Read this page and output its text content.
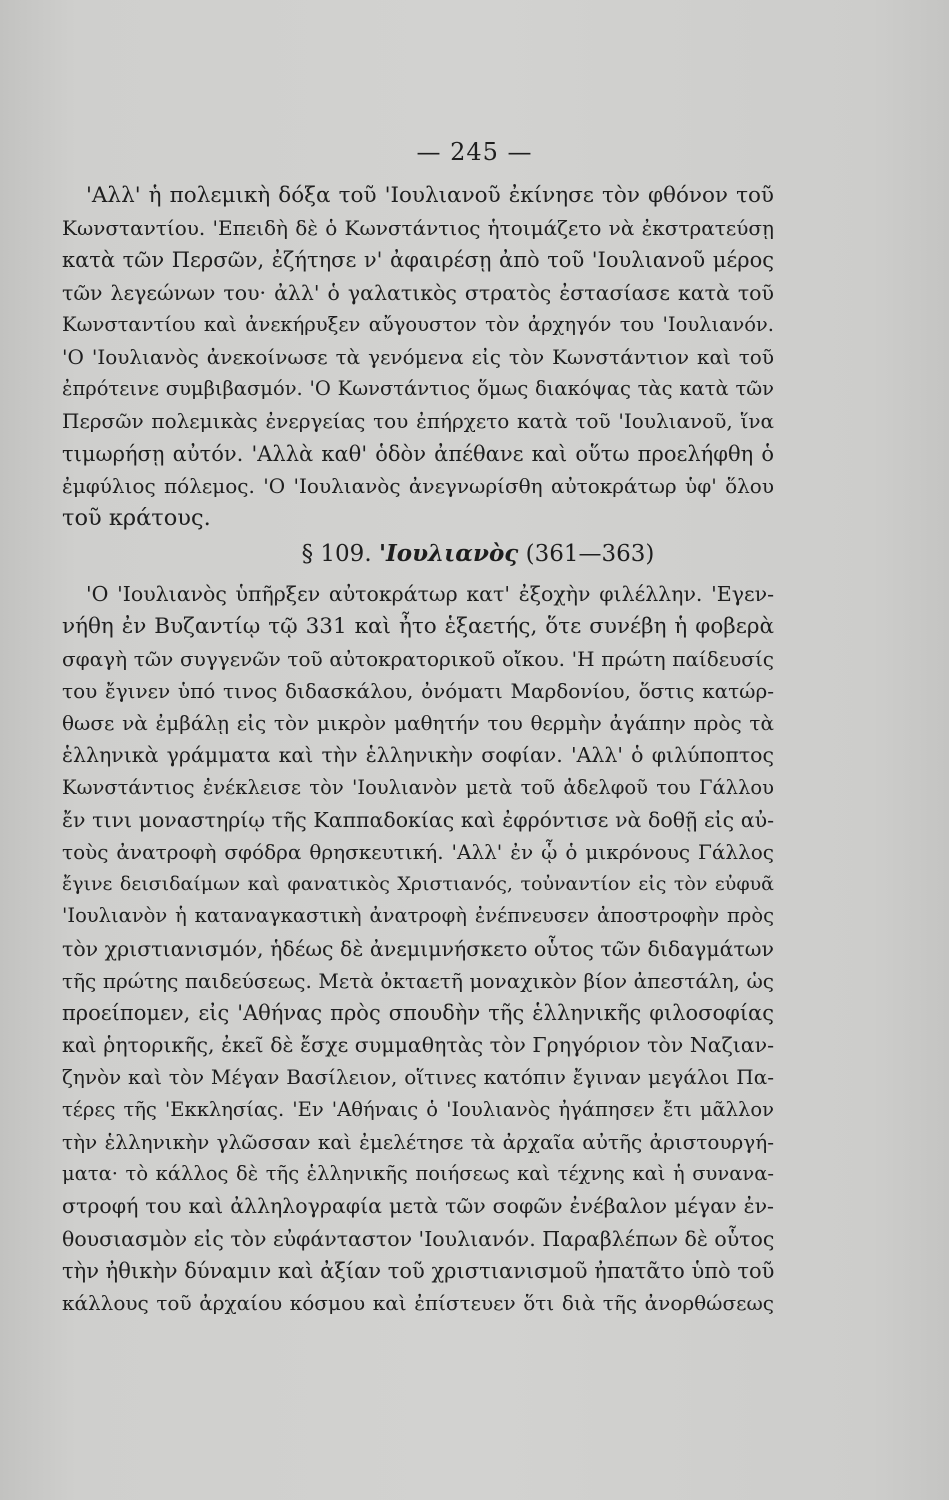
— 245 —
'Αλλ' ἡ πολεμικὴ δόξα τοῦ 'Ιουλιανοῦ ἐκίνησε τὸν φθόνον τοῦ
Κωνσταντίου. 'Επειδὴ δὲ ὁ Κωνστάντιος ἡτοιμάζετο νὰ ἐκστρατεύσῃ
κατὰ τῶν Περσῶν, ἐζήτησε ν' ἀφαιρέσῃ ἀπὸ τοῦ 'Ιουλιανοῦ μέρος
τῶν λεγεώνων του· ἀλλ' ὁ γαλατικὸς στρατὸς ἐστασίασε κατὰ τοῦ
Κωνσταντίου καὶ ἀνεκήρυξεν αὔγουστον τὸν ἀρχηγόν του 'Ιουλιανόν.
'Ο 'Ιουλιανὸς ἀνεκοίνωσε τὰ γενόμενα εἰς τὸν Κωνστάντιον καὶ τοῦ
ἐπρότεινε συμβιβασμόν. 'Ο Κωνστάντιος ὅμως διακόψας τὰς κατὰ τῶν
Περσῶν πολεμικὰς ἐνεργείας του ἐπήρχετο κατὰ τοῦ 'Ιουλιανοῦ, ἵνα
τιμωρήσῃ αὐτόν. 'Αλλὰ καθ' ὁδὸν ἀπέθανε καὶ οὕτω προελήφθη ὁ
ἐμφύλιος πόλεμος. 'Ο 'Ιουλιανὸς ἀνεγνωρίσθη αὐτοκράτωρ ὑφ' ὅλου
τοῦ κράτους.
§ 109. 'Ιουλιανὸς (361—363)
'Ο 'Ιουλιανὸς ὑπῆρξεν αὐτοκράτωρ κατ' ἐξοχὴν φιλέλλην. 'Εγεν-
νήθη ἐν Βυζαντίῳ τῷ 331 καὶ ἦτο ἑξαετής, ὅτε συνέβη ἡ φοβερὰ
σφαγὴ τῶν συγγενῶν τοῦ αὐτοκρατορικοῦ οἴκου. 'Η πρώτη παίδευσίς
του ἔγινεν ὑπό τινος διδασκάλου, ὀνόματι Μαρδονίου, ὅστις κατώρ-
θωσε νὰ ἐμβάλῃ εἰς τὸν μικρὸν μαθητήν του θερμὴν ἀγάπην πρὸς τὰ
ἑλληνικὰ γράμματα καὶ τὴν ἑλληνικὴν σοφίαν. 'Αλλ' ὁ φιλύποπτος
Κωνστάντιος ἐνέκλεισε τὸν 'Ιουλιανὸν μετὰ τοῦ ἀδελφοῦ του Γάλλου
ἔν τινι μοναστηρίῳ τῆς Καππαδοκίας καὶ ἐφρόντισε νὰ δοθῇ εἰς αὐ-
τοὺς ἀνατροφὴ σφόδρα θρησκευτική. 'Αλλ' ἐν ᾧ ὁ μικρόνους Γάλλος
ἔγινε δεισιδαίμων καὶ φανατικὸς Χριστιανός, τοὐναντίον εἰς τὸν εὐφυᾶ
'Ιουλιανὸν ἡ καταναγκαστικὴ ἀνατροφὴ ἐνέπνευσεν ἀποστροφὴν πρὸς
τὸν χριστιανισμόν, ἡδέως δὲ ἀνεμιμνήσκετο οὗτος τῶν διδαγμάτων
τῆς πρώτης παιδεύσεως. Μετὰ ὀκταετῆ μοναχικὸν βίον ἀπεστάλη, ὡς
προείπομεν, εἰς 'Αθήνας πρὸς σπουδὴν τῆς ἑλληνικῆς φιλοσοφίας
καὶ ῥητορικῆς, ἐκεῖ δὲ ἔσχε συμμαθητὰς τὸν Γρηγόριον τὸν Ναζιαν-
ζηνὸν καὶ τὸν Μέγαν Βασίλειον, οἵτινες κατόπιν ἔγιναν μεγάλοι Πα-
τέρες τῆς 'Εκκλησίας. 'Εν 'Αθήναις ὁ 'Ιουλιανὸς ἠγάπησεν ἔτι μᾶλλον
τὴν ἑλληνικὴν γλῶσσαν καὶ ἐμελέτησε τὰ ἀρχαῖα αὐτῆς ἀριστουργή-
ματα· τὸ κάλλος δὲ τῆς ἑλληνικῆς ποιήσεως καὶ τέχνης καὶ ἡ συνανα-
στροφή του καὶ ἀλληλογραφία μετὰ τῶν σοφῶν ἐνέβαλον μέγαν ἐν-
θουσιασμὸν εἰς τὸν εὐφάνταστον 'Ιουλιανόν. Παραβλέπων δὲ οὗτος
τὴν ἠθικὴν δύναμιν καὶ ἀξίαν τοῦ χριστιανισμοῦ ἠπατᾶτο ὑπὸ τοῦ
κάλλους τοῦ ἀρχαίου κόσμου καὶ ἐπίστευεν ὅτι διὰ τῆς ἀνορθώσεως
